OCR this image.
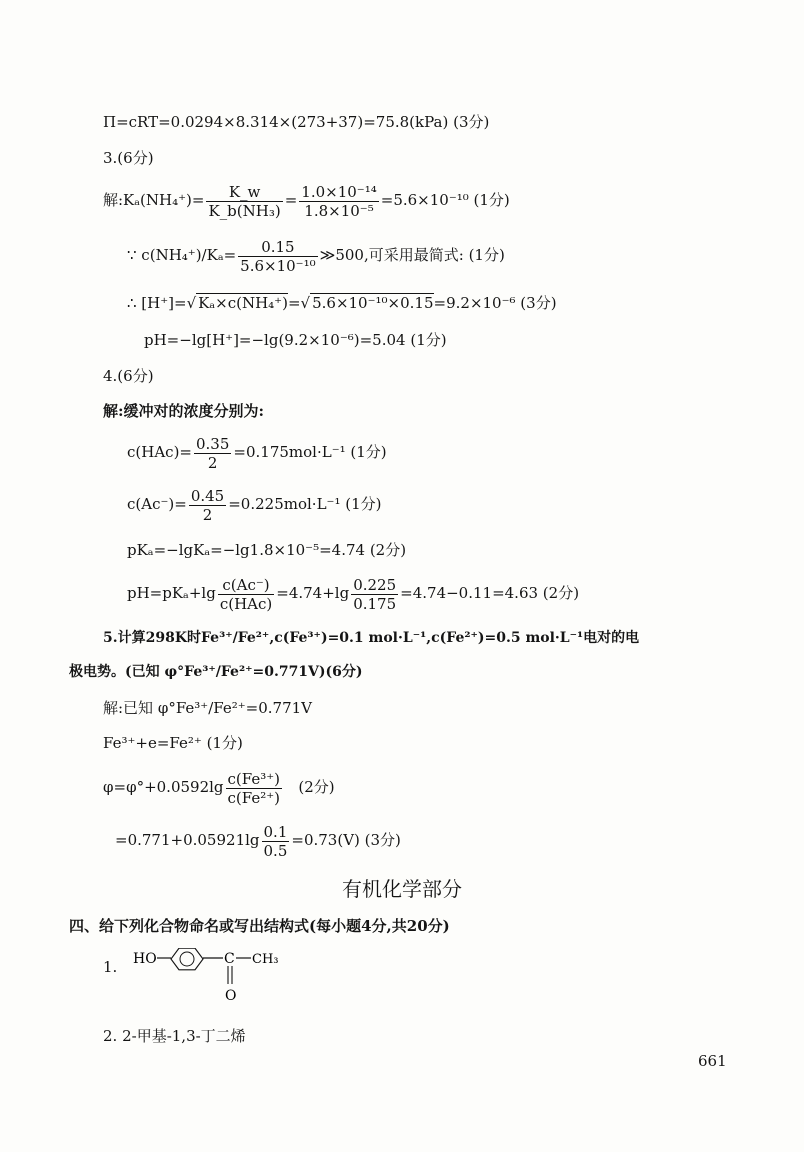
Π=cRT=0.0294×8.314×(273+37)=75.8(kPa) (3分)
3.(6分)
解:Kₐ(NH₄⁺)= $\frac{K\_w}{\text{K\_b(NH₃)}} = \frac{\text{1.0×10⁻¹⁴}}{\text{1.8×10⁻⁵}} =5.6\times 10^{-10}$ (1分)
∵ $c(NH_4^+)/K_a= \frac{0.15}{\text{5.6×10⁻¹⁰}}$ ≫500,可采用最简式: (1分)
∴ [H⁺]=√ Kₐ×c(NH₄⁺)=√ 5.6×10⁻¹⁰×0.15=9.2×10⁻⁶ (3分)
pH=−lg[H⁺]=−lg(9.2×10⁻⁶)=5.04 (1分)
4.(6分)
解:缓冲对的浓度分别为:
$c(HAc)= \frac{0.35}{2} =0.175mol\cdot L^{-1}$ (1分)
$c(Ac^-)= \frac{0.45}{2} =0.225mol\cdot L^{-1}$ (1分)
pKₐ=−lgKₐ=−lg1.8×10⁻⁵=4.74 (2分)
$pH=pK_a+\lg \frac{c(Ac^-)}{\text{c(HAc)}} =4.74+\lg \frac{0.225}{0.175} =4.74-0.11=4.63$ (2分)
5.计算298K时Fe³⁺/Fe²⁺,c(Fe³⁺)=0.1 mol·L⁻¹,c(Fe²⁺)=0.5 mol·L⁻¹电对的电
极电势。(已知 φ°Fe³⁺/Fe²⁺=0.771V)(6分)
解:已知 φ°Fe³⁺/Fe²⁺=0.771V
Fe³⁺+e=Fe²⁺ (1分)
$\varphi=\varphi^\circ+0.0592\lg \frac{\text{c(Fe³⁺)}}{\text{c(Fe²⁺)}} (2$分)
$=0.771+0.05921\lg \frac{0.1}{0.5} =0.73(V)$ (3分)
有机化学部分
四、给下列化合物命名或写出结构式(每小题4分,共20分)
1. HO	C CH₃
O
2. 2-甲基-1,3-丁二烯
661
